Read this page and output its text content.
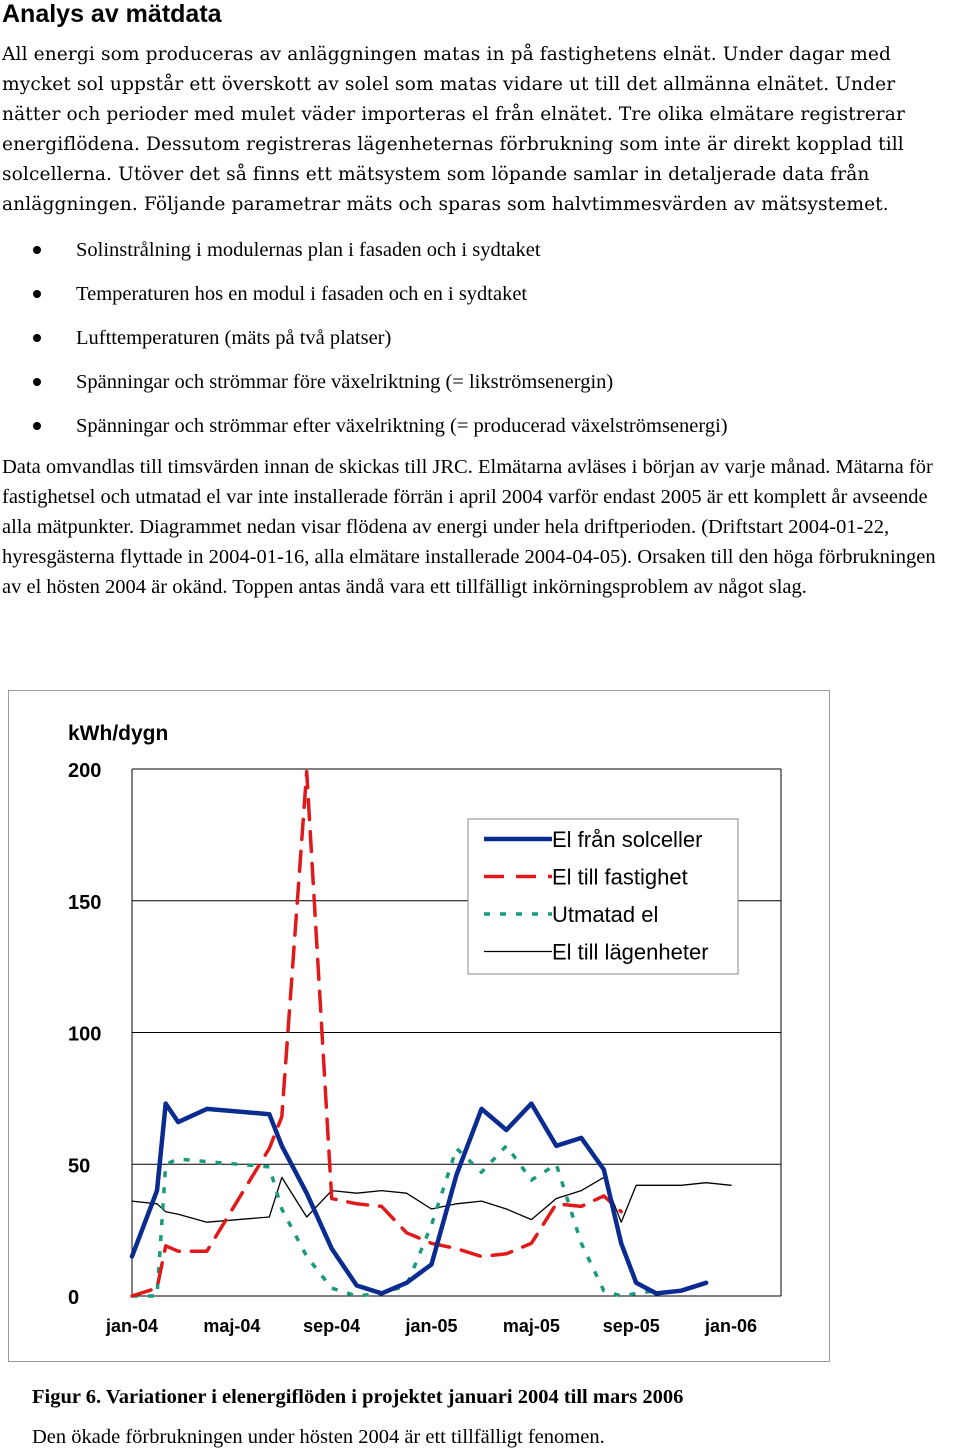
Analys av mätdata

All energi som produceras av anläggningen matas in på fastighetens elnät. Under dagar med mycket sol uppstår ett överskott av solel som matas vidare ut till det allmänna elnätet. Under nätter och perioder med mulet väder importeras el från elnätet. Tre olika elmätare registrerar energiflödena. Dessutom registreras lägenheternas förbrukning som inte är direkt kopplad till solcellerna. Utöver det så finns ett mätsystem som löpande samlar in detaljerade data från anläggningen. Följande parametrar mäts och sparas som halvtimmesvärden av mätsystemet.

Solinstrålning i modulernas plan i fasaden och i sydtaket
Temperaturen hos en modul i fasaden och en i sydtaket
Lufttemperaturen (mäts på två platser)
Spänningar och strömmar före växelriktning (= likströmsenergin)
Spänningar och strömmar efter växelriktning (= producerad växelströmsenergi)

Data omvandlas till timsvärden innan de skickas till JRC. Elmätarna avläses i början av varje månad. Mätarna för fastighetsel och utmatad el var inte installerade förrän i april 2004 varför endast 2005 är ett komplett år avseende alla mätpunkter. Diagrammet nedan visar flödena av energi under hela driftperioden. (Driftstart 2004-01-22, hyresgästerna flyttade in 2004-01-16, alla elmätare installerade 2004-04-05). Orsaken till den höga förbrukningen av el hösten 2004 är okänd. Toppen antas ändå vara ett tillfälligt inkörningsproblem av något slag.

0
50
100
150
200
kWh/dygn
jan-04	maj-04 sep-04	jan-05	maj-05 sep-05	jan-06
El från solceller
El till fastighet
Utmatad el
El till lägenheter

Figur 6. Variationer i elenergiflöden i projektet januari 2004 till mars 2006

Den ökade förbrukningen under hösten 2004 är ett tillfälligt fenomen.
